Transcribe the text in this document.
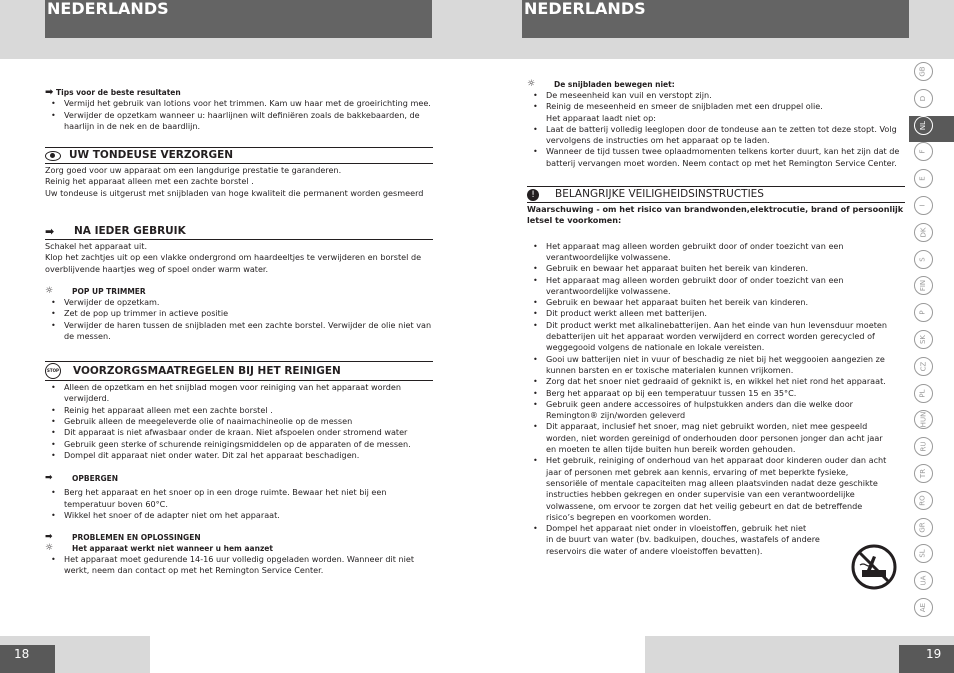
NEDERLANDS	NEDERLANDS
➡ Tips voor de beste resultaten
• Vermijd het gebruik van lotions voor het trimmen. Kam uw haar met de groeirichting mee.
• Verwijder de opzetkam wanneer u: haarlijnen wilt definiëren zoals de bakkebaarden, de haarlijn in de nek en de baardlijn.
UW TONDEUSE VERZORGEN

Zorg goed voor uw apparaat om een langdurige prestatie te garanderen.

Reinig het apparaat alleen met een zachte borstel .

Uw tondeuse is uitgerust met snijbladen van hoge kwaliteit die permanent worden gesmeerd

➡	NA IEDER GEBRUIK

Schakel het apparaat uit.

Klop het zachtjes uit op een vlakke ondergrond om haardeeltjes te verwijderen en borstel de overblijvende haartjes weg of spoel onder warm water.

☼	POP UP TRIMMER
• Verwijder de opzetkam.
• Zet de pop up trimmer in actieve positie
• Verwijder de haren tussen de snijbladen met een zachte borstel. Verwijder de olie niet van de messen.
STOP VOORZORGSMAATREGELEN BIJ HET REINIGEN
• Alleen de opzetkam en het snijblad mogen voor reiniging van het apparaat worden verwijderd.
• Reinig het apparaat alleen met een zachte borstel .
• Gebruik alleen de meegeleverde olie of naaimachineolie op de messen
• Dit apparaat is niet afwasbaar onder de kraan. Niet afspoelen onder stromend water
• Gebruik geen sterke of schurende reinigingsmiddelen op de apparaten of de messen.
• Dompel dit apparaat niet onder water. Dit zal het apparaat beschadigen.
➡	OPBERGEN
• Berg het apparaat en het snoer op in een droge ruimte. Bewaar het niet bij een temperatuur boven 60°C.
• Wikkel het snoer of de adapter niet om het apparaat.
➡	PROBLEMEN EN OPLOSSINGEN
☼	Het apparaat werkt niet wanneer u hem aanzet
• Het apparaat moet gedurende 14-16 uur volledig opgeladen worden. Wanneer dit niet werkt, neem dan contact op met het Remington Service Center.
☼	De snijbladen bewegen niet:
• De meseenheid kan vuil en verstopt zijn.
• Reinig de meseenheid en smeer de snijbladen met een druppel olie.
Het apparaat laadt niet op:
• Laat de batterij volledig leeglopen door de tondeuse aan te zetten tot deze stopt. Volg vervolgens de instructies om het apparaat op te laden.
• Wanneer de tijd tussen twee oplaadmomenten telkens korter duurt, kan het zijn dat de batterij vervangen moet worden. Neem contact op met het Remington Service Center.
!	BELANGRIJKE VEILIGHEIDSINSTRUCTIES

Waarschuwing - om het risico van brandwonden,elektrocutie, brand of persoonlijk letsel te voorkomen:

• Het apparaat mag alleen worden gebruikt door of onder toezicht van een verantwoordelijke volwassene.
• Gebruik en bewaar het apparaat buiten het bereik van kinderen.
• Het apparaat mag alleen worden gebruikt door of onder toezicht van een verantwoordelijke volwassene.
• Gebruik en bewaar het apparaat buiten het bereik van kinderen.
• Dit product werkt alleen met batterijen.
• Dit product werkt met alkalinebatterijen. Aan het einde van hun levensduur moeten debatterijen uit het apparaat worden verwijderd en correct worden gerecycled of weggegooid volgens de nationale en lokale vereisten.
• Gooi uw batterijen niet in vuur of beschadig ze niet bij het weggooien aangezien ze kunnen barsten en er toxische materialen kunnen vrijkomen.
• Zorg dat het snoer niet gedraaid of geknikt is, en wikkel het niet rond het apparaat.
• Berg het apparaat op bij een temperatuur tussen 15 en 35°C.
• Gebruik geen andere accessoires of hulpstukken anders dan die welke door Remington® zijn/worden geleverd
• Dit apparaat, inclusief het snoer, mag niet gebruikt worden, niet mee gespeeld worden, niet worden gereinigd of onderhouden door personen jonger dan acht jaar en moeten te allen tijde buiten hun bereik worden gehouden.
• Het gebruik, reiniging of onderhoud van het apparaat door kinderen ouder dan acht jaar of personen met gebrek aan kennis, ervaring of met beperkte fysieke, sensoriële of mentale capaciteiten mag alleen plaatsvinden nadat deze geschikte instructies hebben gekregen en onder supervisie van een verantwoordelijke volwassene, om ervoor te zorgen dat het veilig gebeurt en dat de betreffende risico’s begrepen en voorkomen worden.
• Dompel het apparaat niet onder in vloeistoffen, gebruik het niet
in de buurt van water (bv. badkuipen, douches, wastafels of andere
reservoirs die water of andere vloeistoffen bevatten).
GB
D
NL
F
E
I
DK
S
FIN
P
SK
CZ
PL
HUN
RU
TR
RO
GR
SL
UA
AE
18	19
